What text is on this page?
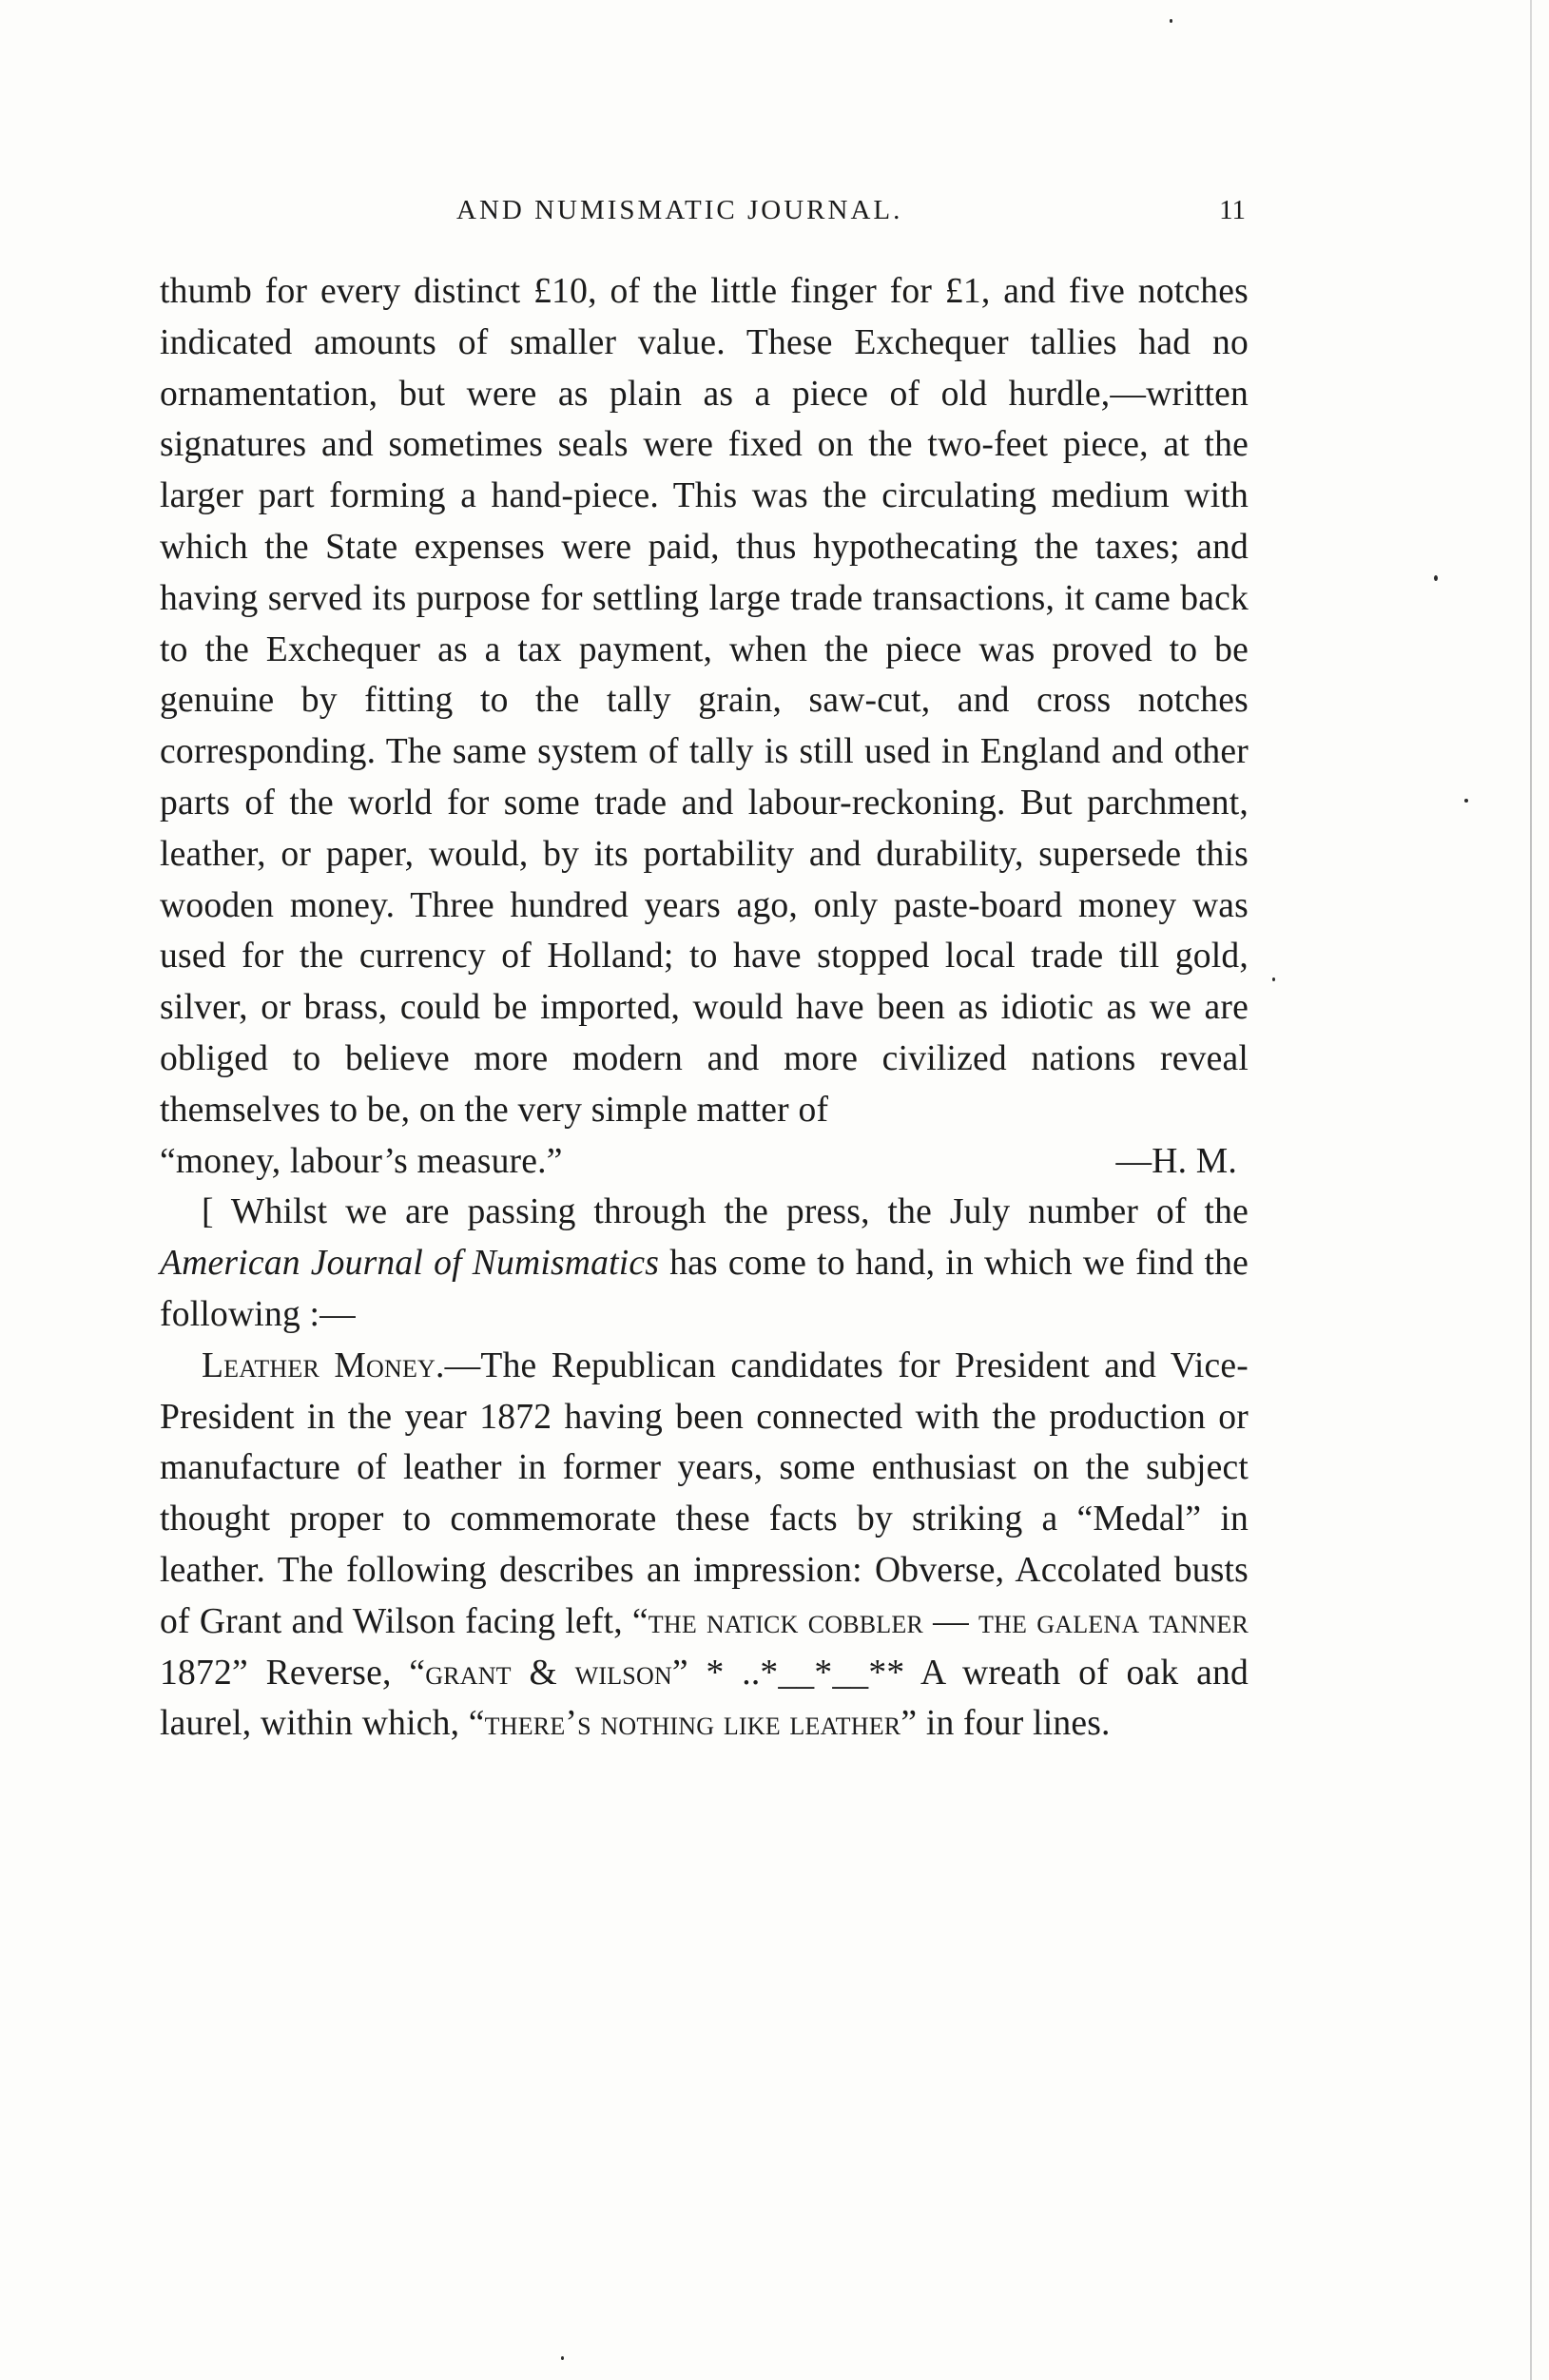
AND NUMISMATIC JOURNAL.	11

thumb for every distinct £10, of the little finger for £1, and five notches indicated amounts of smaller value. These Exchequer tallies had no ornamentation, but were as plain as a piece of old hurdle,—written signatures and sometimes seals were fixed on the two-feet piece, at the larger part forming a hand-piece. This was the circulating medium with which the State expenses were paid, thus hypothecating the taxes; and having served its purpose for settling large trade transactions, it came back to the Exchequer as a tax payment, when the piece was proved to be genuine by fitting to the tally grain, saw-cut, and cross notches corresponding. The same system of tally is still used in England and other parts of the world for some trade and labour-reckoning. But parchment, leather, or paper, would, by its portability and durability, supersede this wooden money. Three hundred years ago, only paste-board money was used for the currency of Holland; to have stopped local trade till gold, silver, or brass, could be imported, would have been as idiotic as we are obliged to believe more modern and more civilized nations reveal themselves to be, on the very simple matter of

“money, labour’s measure.”	—H. M.

[ Whilst we are passing through the press, the July number of the American Journal of Numismatics has come to hand, in which we find the following :—

Leather Money.—The Republican candidates for President and Vice-President in the year 1872 having been connected with the production or manufacture of leather in former years, some enthusiast on the subject thought proper to commemorate these facts by striking a “Medal” in leather. The following describes an impression: Obverse, Accolated busts of Grant and Wilson facing left, “the natick cobbler — the galena tanner 1872” Reverse, “grant & wilson” * ..*__*__** A wreath of oak and laurel, within which, “there’s nothing like leather” in four lines.
